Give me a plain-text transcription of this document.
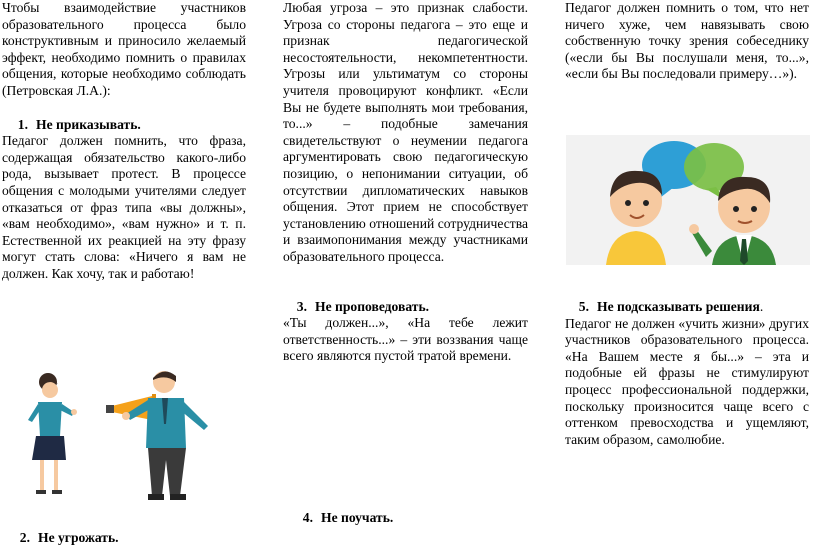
Чтобы взаимодействие участников образовательного процесса было конструктивным и приносило желаемый эффект, необходимо помнить о правилах общения, которые необходимо соблюдать (Петровская Л.А.):

1. Не приказывать.

Педагог должен помнить, что фраза, содержащая обязательство какого-либо рода, вызывает протест. В процессе общения с молодыми учителями следует отказаться от фраз типа «вы должны», «вам необходимо», «вам нужно» и т. п. Естественной их реакцией на эту фразу могут стать слова: «Ничего я вам не должен. Как хочу, так и работаю!

2. Не угрожать.

Любая угроза – это признак слабости. Угроза со стороны педагога – это еще и признак педагогической несостоятельности, некомпетентности. Угрозы или ультиматум со стороны учителя провоцируют конфликт. «Если Вы не будете выполнять мои требования, то...» – подобные замечания свидетельствуют о неумении педагога аргументировать свою педагогическую позицию, о непонимании ситуации, об отсутствии дипломатических навыков общения. Этот прием не способствует установлению отношений сотрудничества и взаимопонимания между участниками образовательного процесса.

3. Не проповедовать.

«Ты должен...», «На тебе лежит ответственность...» – эти воззвания чаще всего являются пустой тратой времени.

4. Не поучать.

Педагог должен помнить о том, что нет ничего хуже, чем навязывать свою собственную точку зрения собеседнику («если бы Вы послушали меня, то...», «если бы Вы последовали примеру…»).

5. Не подсказывать решения.

Педагог не должен «учить жизни» других участников образовательного процесса. «На Вашем месте я бы...» – эта и подобные ей фразы не стимулируют процесс профессиональной поддержки, поскольку произносится чаще всего с оттенком превосходства и ущемляют, таким образом, самолюбие.
